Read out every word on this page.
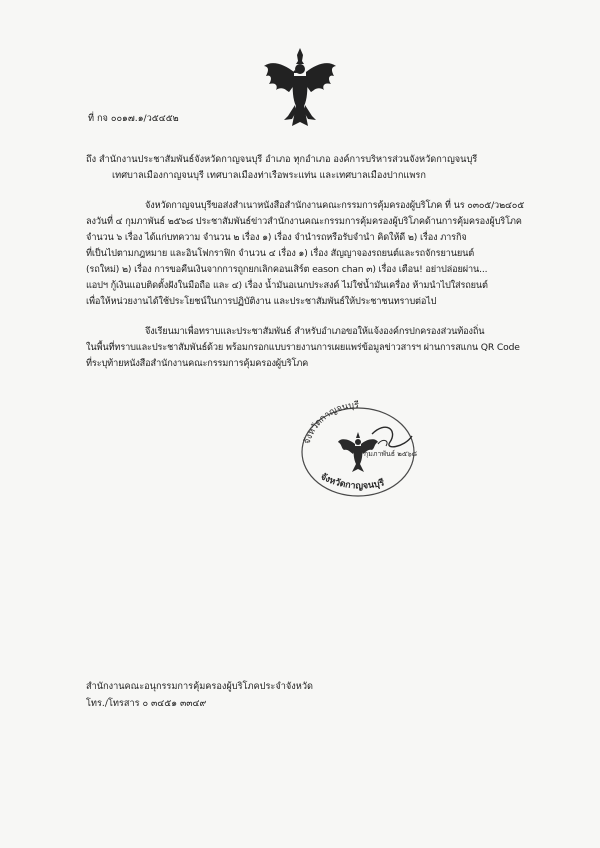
ที่ กจ ๐๐๑๗.๑/ว๕๔๕๒
ถึง สำนักงานประชาสัมพันธ์จังหวัดกาญจนบุรี อำเภอ ทุกอำเภอ องค์การบริหารส่วนจังหวัดกาญจนบุรี
เทศบาลเมืองกาญจนบุรี เทศบาลเมืองท่าเรือพระแท่น และเทศบาลเมืองปากแพรก
จังหวัดกาญจนบุรีขอส่งสำเนาหนังสือสำนักงานคณะกรรมการคุ้มครองผู้บริโภค ที่ นร ๐๓๐๕/ว๒๔๐๕
ลงวันที่ ๔ กุมภาพันธ์ ๒๕๖๘ ประชาสัมพันธ์ข่าวสำนักงานคณะกรรมการคุ้มครองผู้บริโภคด้านการคุ้มครองผู้บริโภค
จำนวน ๖ เรื่อง ได้แก่บทความ จำนวน ๒ เรื่อง ๑) เรื่อง จำนำรถหรือรับจำนำ คิดให้ดี ๒) เรื่อง ภารกิจ
ที่เป็นไปตามกฎหมาย และอินโฟกราฟิก จำนวน ๔ เรื่อง ๑) เรื่อง สัญญาจองรถยนต์และรถจักรยานยนต์
(รถใหม่) ๒) เรื่อง การขอคืนเงินจากการถูกยกเลิกคอนเสิร์ต eason chan ๓) เรื่อง เตือน! อย่าปล่อยผ่าน...
แอปฯ กู้เงินแอบติดตั้งฝังในมือถือ และ ๔) เรื่อง น้ำมันอเนกประสงค์ ไม่ใช่น้ำมันเครื่อง ห้ามนำไปใส่รถยนต์
เพื่อให้หน่วยงานได้ใช้ประโยชน์ในการปฏิบัติงาน และประชาสัมพันธ์ให้ประชาชนทราบต่อไป
จึงเรียนมาเพื่อทราบและประชาสัมพันธ์ สำหรับอำเภอขอให้แจ้งองค์กรปกครองส่วนท้องถิ่น
ในพื้นที่ทราบและประชาสัมพันธ์ด้วย พร้อมกรอกแบบรายงานการเผยแพร่ข้อมูลข่าวสารฯ ผ่านการสแกน QR Code
ที่ระบุท้ายหนังสือสำนักงานคณะกรรมการคุ้มครองผู้บริโภค
จังหวัดกาญจนบุรี
กุมภาพันธ์ ๒๕๖๘
จังหวัดกาญจนบุรี
สำนักงานคณะอนุกรรมการคุ้มครองผู้บริโภคประจำจังหวัด
โทร./โทรสาร ๐ ๓๔๕๑ ๓๓๔๙
